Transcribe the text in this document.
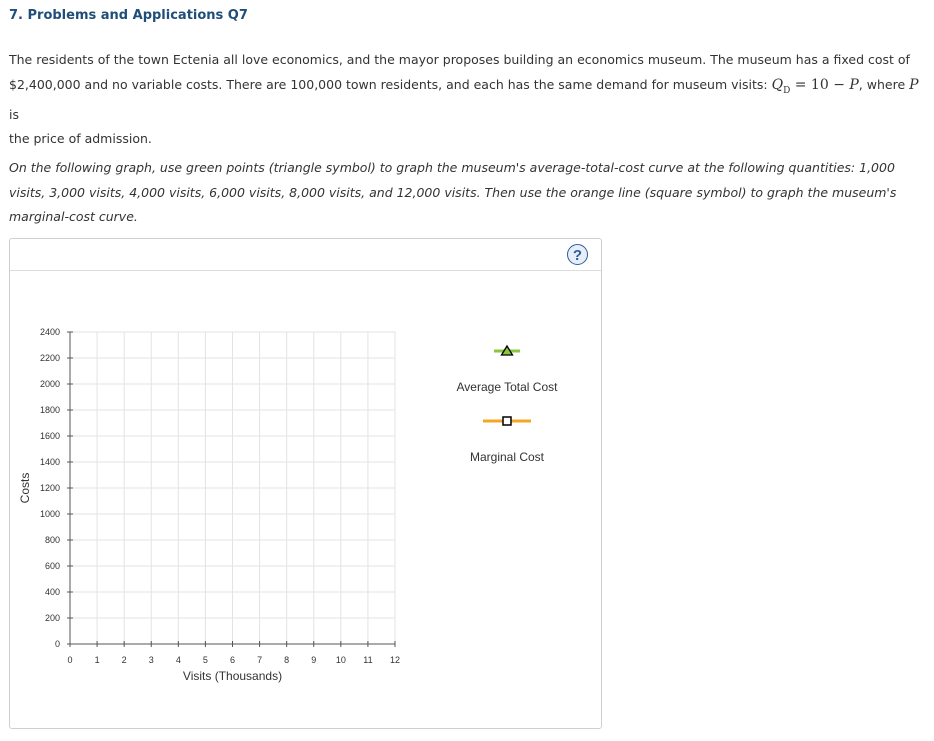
7. Problems and Applications Q7
The residents of the town Ectenia all love economics, and the mayor proposes building an economics museum. The museum has a fixed cost of
$2,400,000 and no variable costs. There are 100,000 town residents, and each has the same demand for museum visits: $Q_D = 10 - P$, where P is
the price of admission.
On the following graph, use green points (triangle symbol) to graph the museum's average-total-cost curve at the following quantities: 1,000 visits, 3,000 visits, 4,000 visits, 6,000 visits, 8,000 visits, and 12,000 visits. Then use the orange line (square symbol) to graph the museum's marginal-cost curve.
?
0
200
400
600
800
1000
1200
1400
1600
1800
2000
2200
2400
0 1 2 3 4 5 6 7 8 9 10 11 12
Visits (Thousands)
Costs
Average Total Cost
Marginal Cost
